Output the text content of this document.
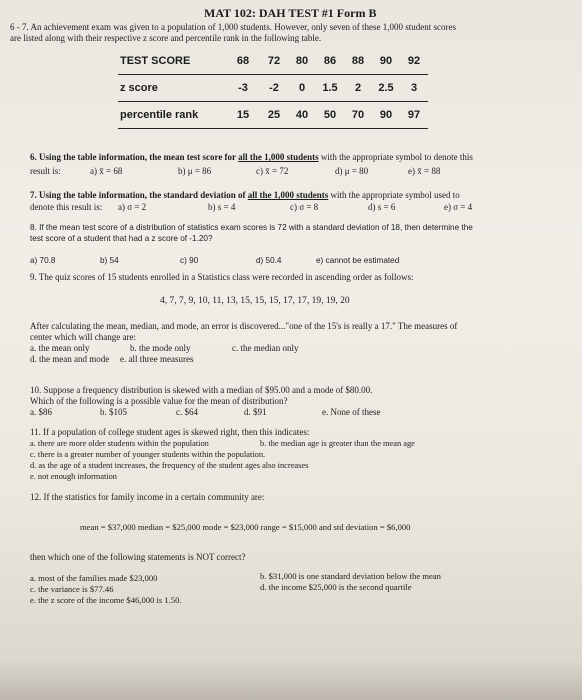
MAT 102: DAH TEST #1 Form B
6 - 7. An achievement exam was given to a population of 1,000 students. However, only seven of these 1,000 student scores
are listed along with their respective z score and percentile rank in the following table.
TEST SCORE	68	72	80	86	88	90	92
z score	-3	-2	0	1.5	2	2.5	3
percentile rank	15	25	40	50	70	90	97
6. Using the table information, the mean test score for all the 1,000 students with the appropriate symbol to denote this
result is:	a) x̄ = 68	b) μ = 86	c) x̄ = 72	d) μ = 80	e) x̄ = 88
7. Using the table information, the standard deviation of all the 1,000 students with the appropriate symbol used to
denote this result is: a) σ = 2	b) s = 4	c) σ = 8	d) s = 6	e) σ = 4
8. If the mean test score of a distribution of statistics exam scores is 72 with a standard deviation of 18, then determine the
test score of a student that had a z score of -1.20?
a) 70.8	b) 54	c) 90	d) 50.4	e) cannot be estimated
9. The quiz scores of 15 students enrolled in a Statistics class were recorded in ascending order as follows:
4, 7, 7, 9, 10, 11, 13, 15, 15, 15, 17, 17, 19, 19, 20
After calculating the mean, median, and mode, an error is discovered..."one of the 15's is really a 17." The measures of
center which will change are:
a. the mean only	b. the mode only	c. the median only
d. the mean and mode e. all three measures
10. Suppose a frequency distribution is skewed with a median of $95.00 and a mode of $80.00.
Which of the following is a possible value for the mean of distribution?
a. $86	b. $105	c. $64	d. $91	e. None of these
11. If a population of college student ages is skewed right, then this indicates:
a. there are more older students within the population	b. the median age is greater than the mean age
c. there is a greater number of younger students within the population.
d. as the age of a student increases, the frequency of the student ages also increases
e. not enough information
12. If the statistics for family income in a certain community are:
mean = $37,000 median = $25,000 mode = $23,000 range = $15,000 and std deviation = $6,000
then which one of the following statements is NOT correct?
a. most of the families made $23,000	b. $31,000 is one standard deviation below the mean
c. the variance is $77.46	d. the income $25,000 is the second quartile
e. the z score of the income $46,000 is 1.50.
